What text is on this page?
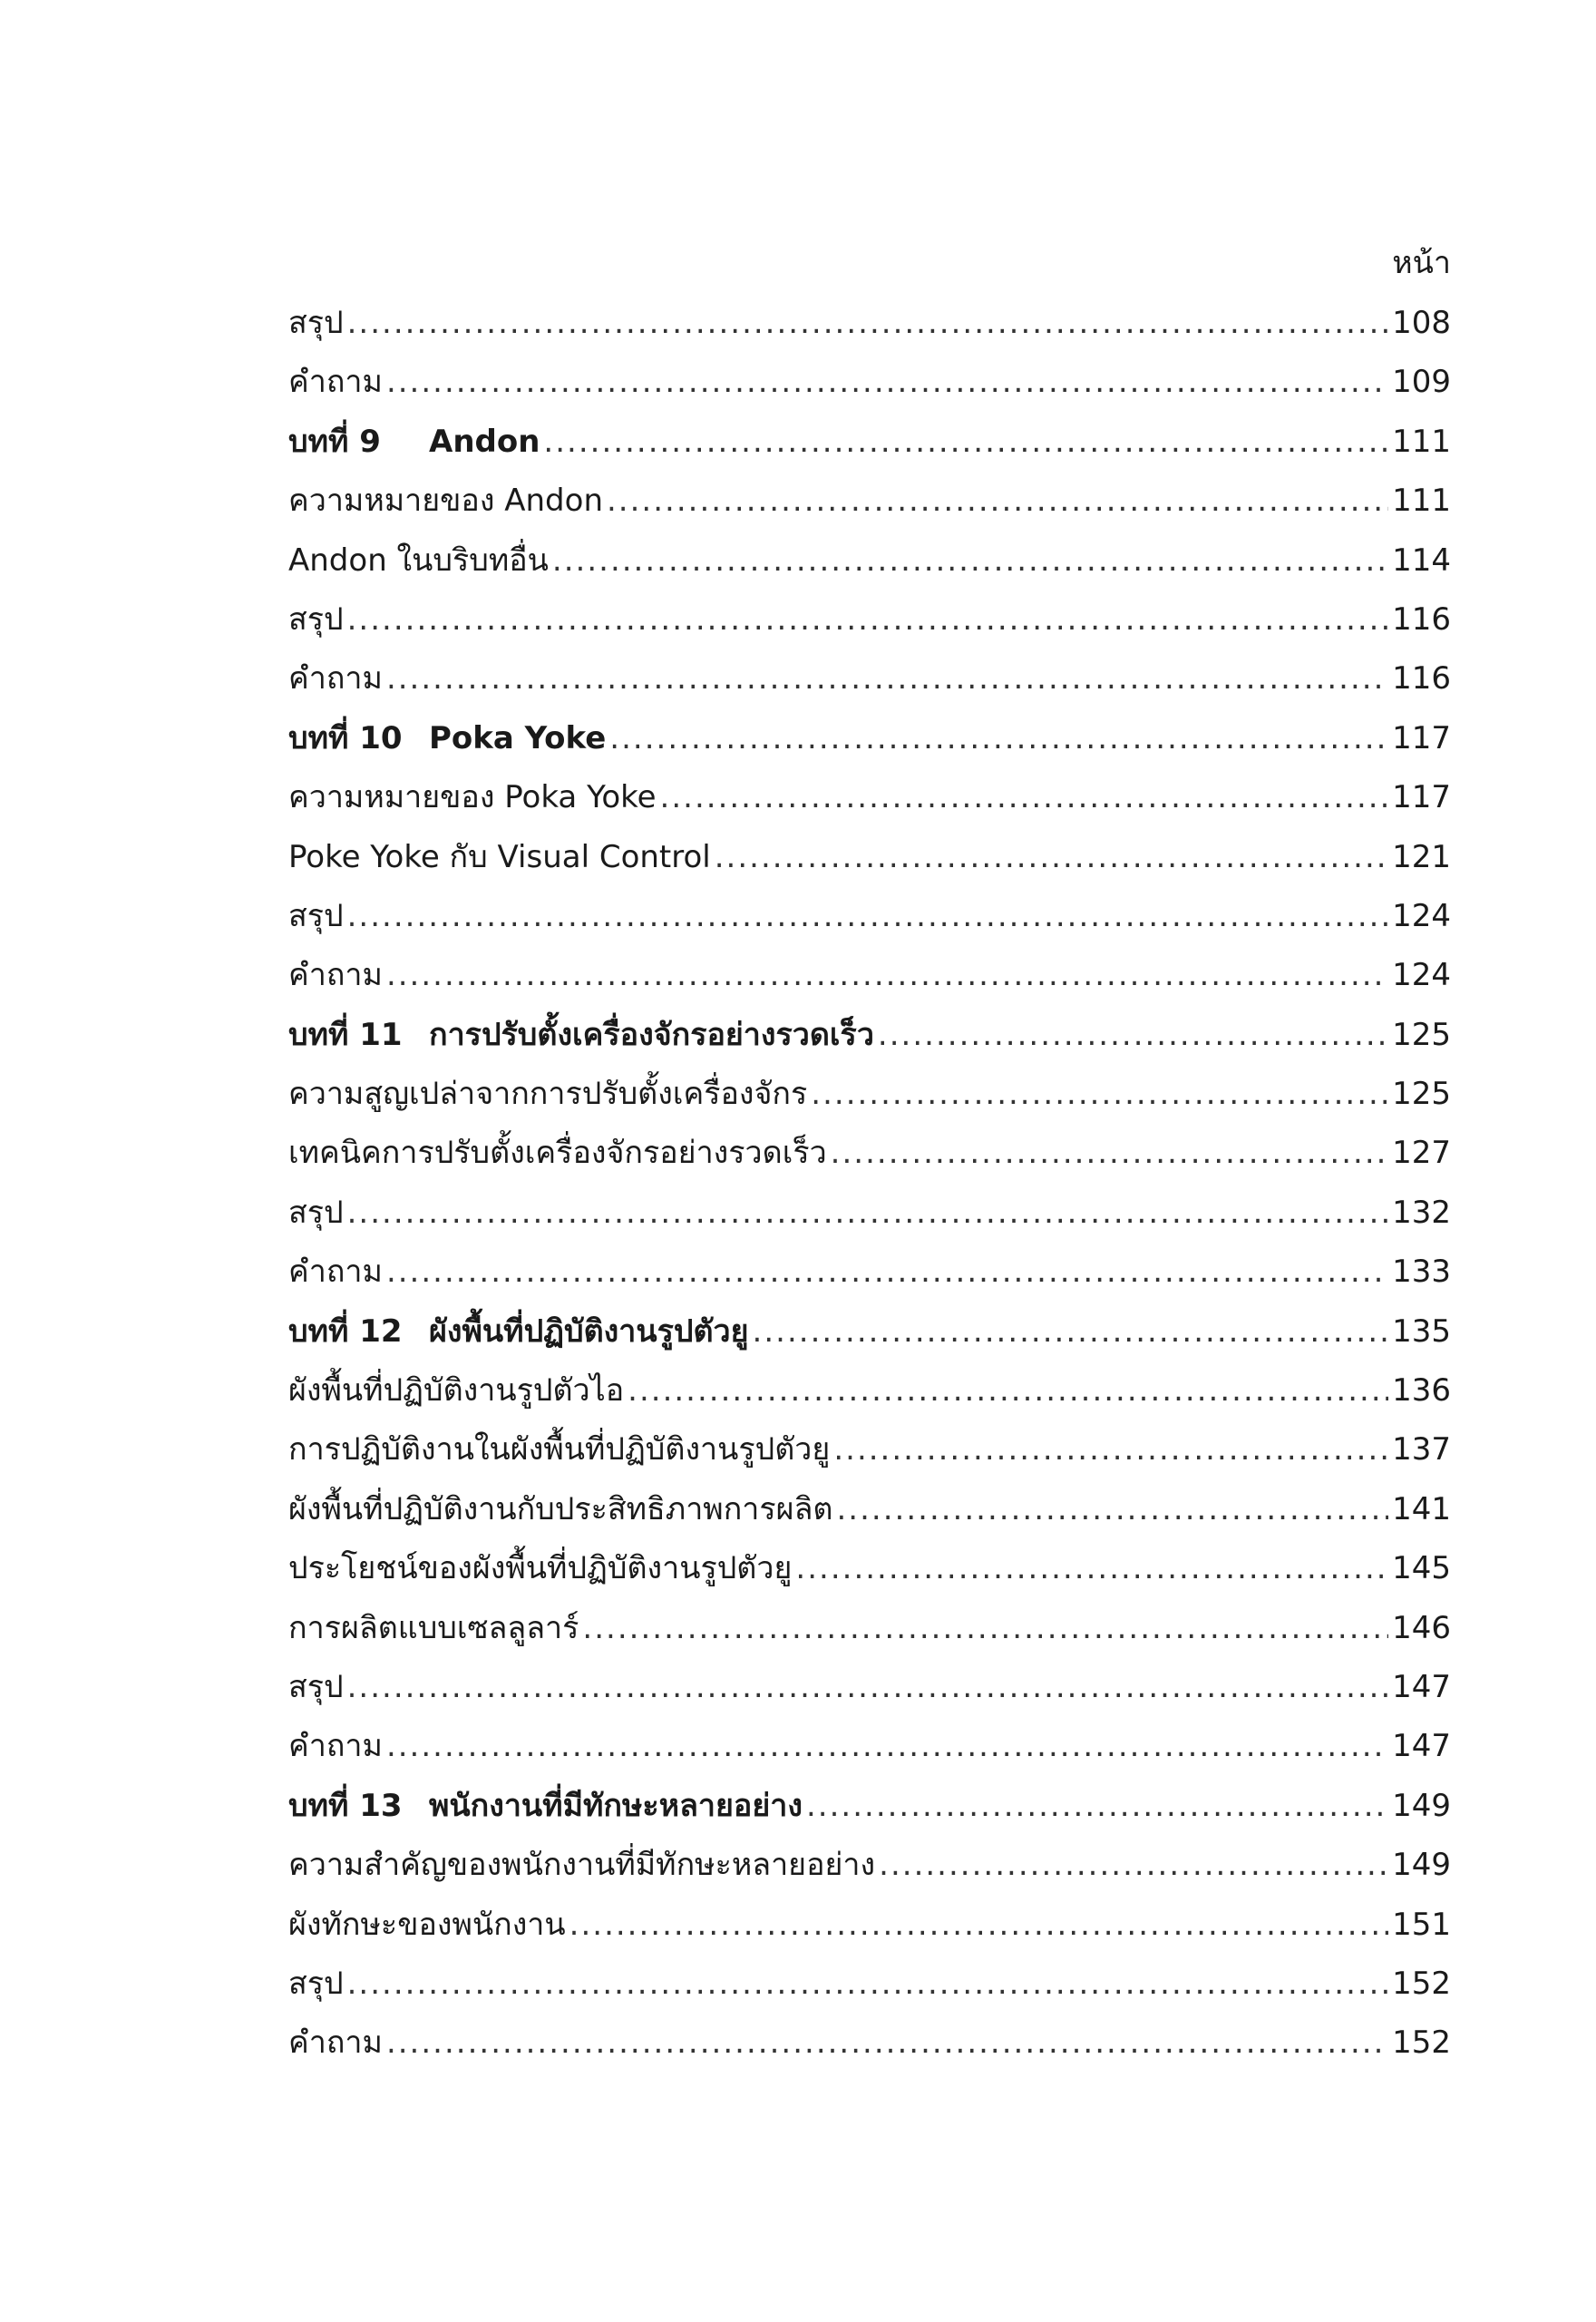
หน้า
สรุป .....	108
คำถาม .....	109
บทที่ 9	Andon .....	111
ความหมายของ Andon .....	111
Andon ในบริบทอื่น .....	114
สรุป .....	116
คำถาม .....	116
บทที่ 10 Poka Yoke .....	117
ความหมายของ Poka Yoke .....	117
Poke Yoke กับ Visual Control .....	121
สรุป .....	124
คำถาม .....	124
บทที่ 11 การปรับตั้งเครื่องจักรอย่างรวดเร็ว .....	125
ความสูญเปล่าจากการปรับตั้งเครื่องจักร .....	125
เทคนิคการปรับตั้งเครื่องจักรอย่างรวดเร็ว .....	127
สรุป .....	132
คำถาม .....	133
บทที่ 12 ผังพื้นที่ปฏิบัติงานรูปตัวยู .....	135
ผังพื้นที่ปฏิบัติงานรูปตัวไอ .....	136
การปฏิบัติงานในผังพื้นที่ปฏิบัติงานรูปตัวยู .....	137
ผังพื้นที่ปฏิบัติงานกับประสิทธิภาพการผลิต .....	141
ประโยชน์ของผังพื้นที่ปฏิบัติงานรูปตัวยู .....	145
การผลิตแบบเซลลูลาร์ .....	146
สรุป .....	147
คำถาม .....	147
บทที่ 13 พนักงานที่มีทักษะหลายอย่าง .....	149
ความสำคัญของพนักงานที่มีทักษะหลายอย่าง .....	149
ผังทักษะของพนักงาน .....	151
สรุป .....	152
คำถาม .....	152
